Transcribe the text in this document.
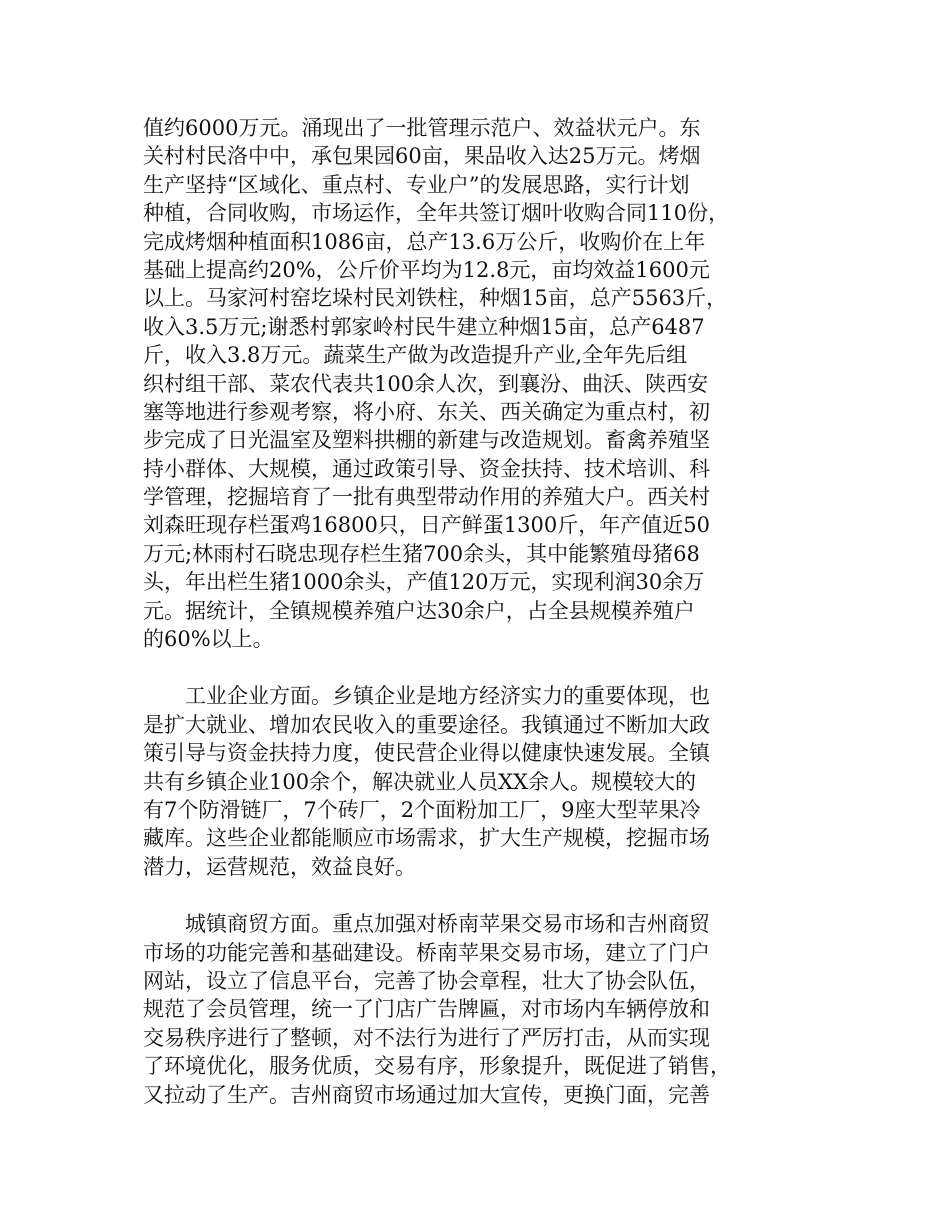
值约6000万元。涌现出了一批管理示范户、效益状元户。东
关村村民洛中中，承包果园60亩，果品收入达25万元。烤烟
生产坚持“区域化、重点村、专业户”的发展思路，实行计划
种植，合同收购，市场运作，全年共签订烟叶收购合同110份，
完成烤烟种植面积1086亩，总产13.6万公斤，收购价在上年
基础上提高约20%，公斤价平均为12.8元，亩均效益1600元
以上。马家河村窑圪垛村民刘铁柱，种烟15亩，总产5563斤，
收入3.5万元;谢悉村郭家岭村民牛建立种烟15亩，总产6487
斤，收入3.8万元。蔬菜生产做为改造提升产业,全年先后组
织村组干部、菜农代表共100余人次，到襄汾、曲沃、陕西安
塞等地进行参观考察，将小府、东关、西关确定为重点村，初
步完成了日光温室及塑料拱棚的新建与改造规划。畜禽养殖坚
持小群体、大规模，通过政策引导、资金扶持、技术培训、科
学管理，挖掘培育了一批有典型带动作用的养殖大户。西关村
刘森旺现存栏蛋鸡16800只，日产鲜蛋1300斤，年产值近50
万元;林雨村石晓忠现存栏生猪700余头，其中能繁殖母猪68
头，年出栏生猪1000余头，产值120万元，实现利润30余万
元。据统计，全镇规模养殖户达30余户，占全县规模养殖户
的60%以上。
工业企业方面。乡镇企业是地方经济实力的重要体现，也
是扩大就业、增加农民收入的重要途径。我镇通过不断加大政
策引导与资金扶持力度，使民营企业得以健康快速发展。全镇
共有乡镇企业100余个，解决就业人员XX余人。规模较大的
有7个防滑链厂，7个砖厂，2个面粉加工厂，9座大型苹果冷
藏库。这些企业都能顺应市场需求，扩大生产规模，挖掘市场
潜力，运营规范，效益良好。
城镇商贸方面。重点加强对桥南苹果交易市场和吉州商贸
市场的功能完善和基础建设。桥南苹果交易市场，建立了门户
网站，设立了信息平台，完善了协会章程，壮大了协会队伍，
规范了会员管理，统一了门店广告牌匾，对市场内车辆停放和
交易秩序进行了整顿，对不法行为进行了严厉打击，从而实现
了环境优化，服务优质，交易有序，形象提升，既促进了销售，
又拉动了生产。吉州商贸市场通过加大宣传，更换门面，完善
